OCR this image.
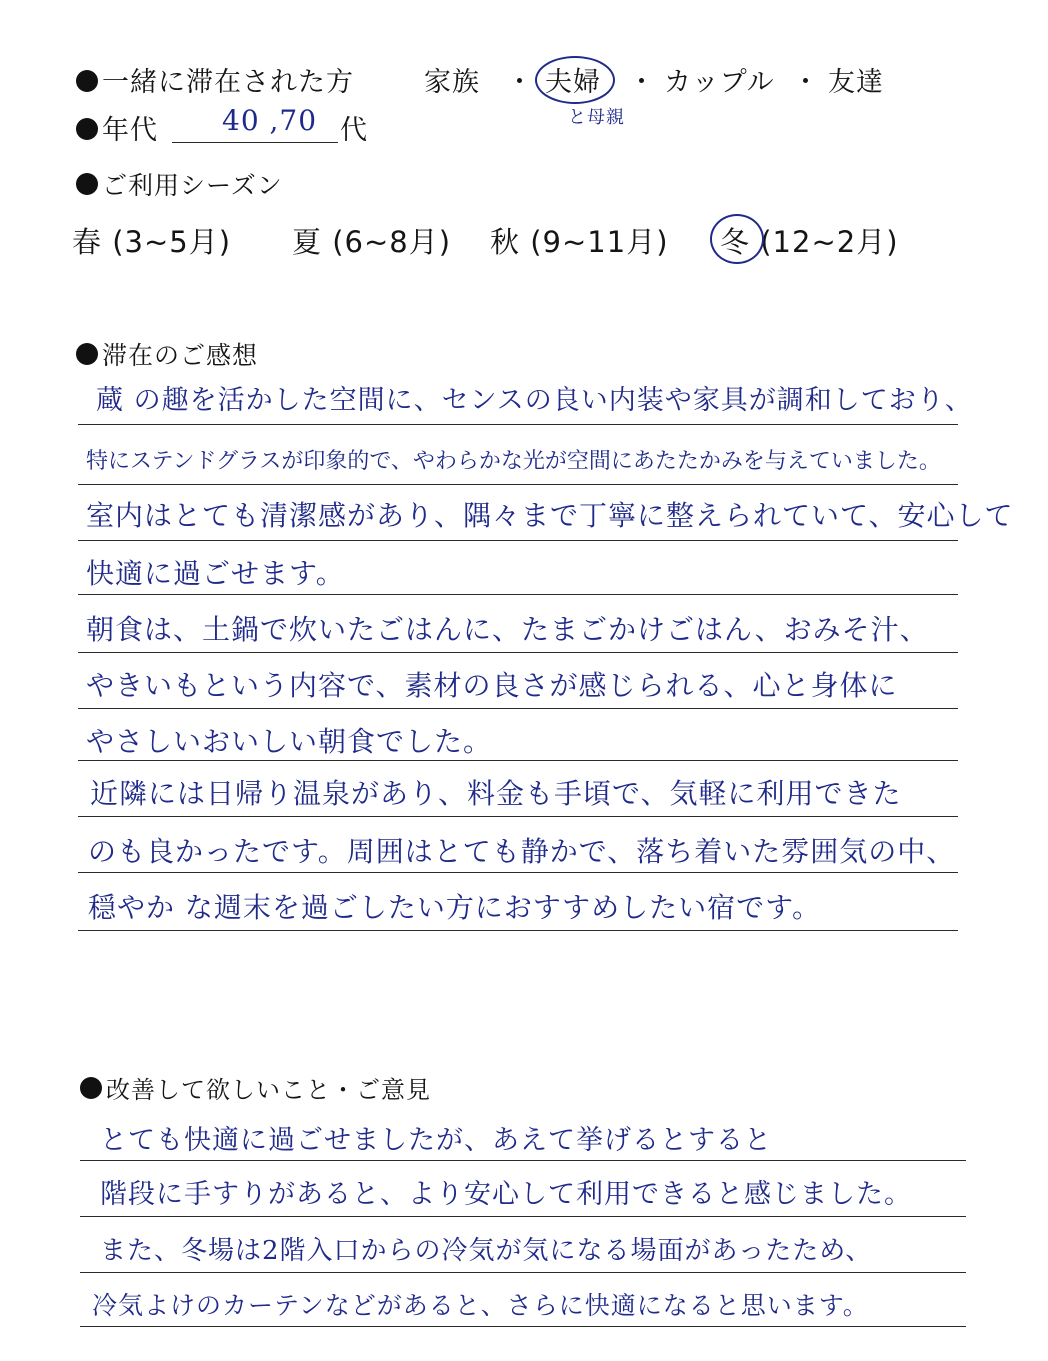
一緒に滞在された方	家族 ・ 夫婦 ・ カップル ・ 友達
と母親
年代 40 ,70 代
ご利用シーズン
春 (3~5月) 夏 (6~8月) 秋 (9~11月) 冬 (12~2月)
滞在のご感想
蔵 の趣を活かした空間に、センスの良い内装や家具が調和しており、
特にステンドグラスが印象的で、やわらかな光が空間にあたたかみを与えていました。
室内はとても清潔感があり、隅々まで丁寧に整えられていて、安心して
快適に過ごせます。
朝食は、土鍋で炊いたごはんに、たまごかけごはん、おみそ汁、
やきいもという内容で、素材の良さが感じられる、心と身体に
やさしいおいしい朝食でした。
近隣には日帰り温泉があり、料金も手頃で、気軽に利用できた
のも良かったです。周囲はとても静かで、落ち着いた雰囲気の中、
穏やか な週末を過ごしたい方におすすめしたい宿です。
改善して欲しいこと・ご意見
とても快適に過ごせましたが、あえて挙げるとすると
階段に手すりがあると、より安心して利用できると感じました。
また、冬場は2階入口からの冷気が気になる場面があったため、
冷気よけのカーテンなどがあると、さらに快適になると思います。
